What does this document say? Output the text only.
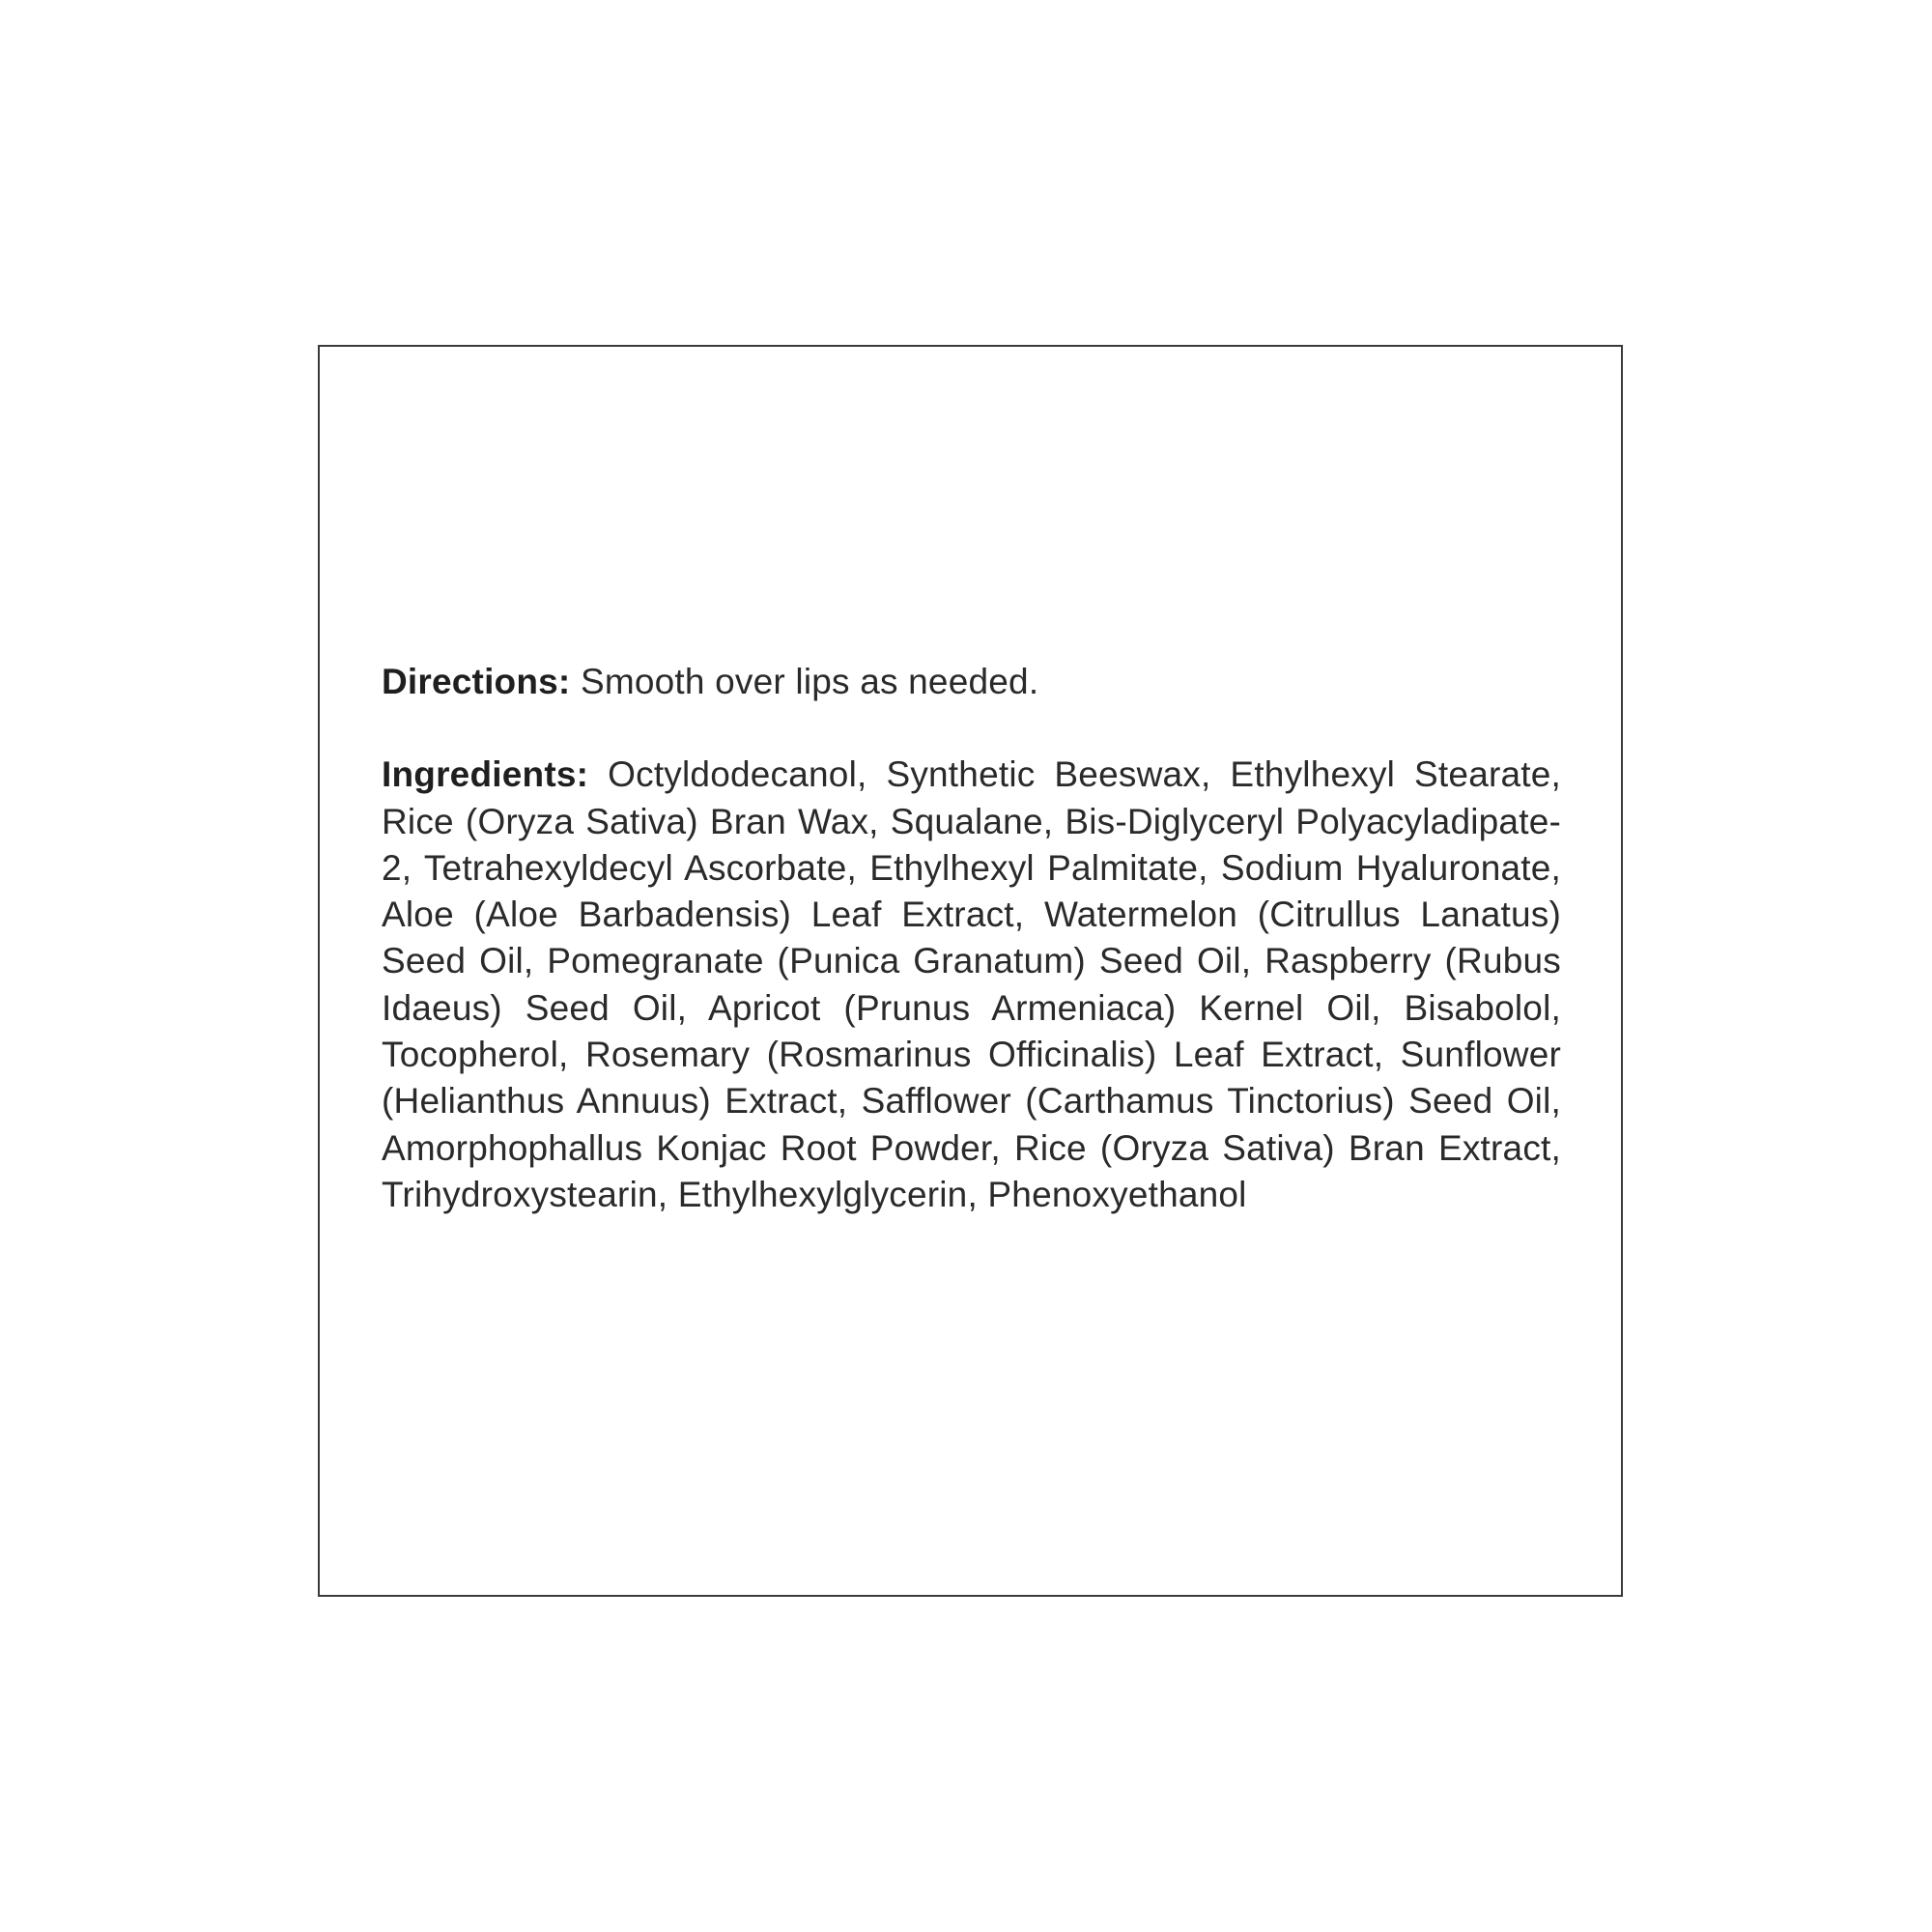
Directions: Smooth over lips as needed.

Ingredients: Octyldodecanol, Synthetic Beeswax, Ethylhexyl Stearate, Rice (Oryza Sativa) Bran Wax, Squalane, Bis-Diglyceryl Polyacyladipate-2, Tetrahexyldecyl Ascorbate, Ethylhexyl Palmitate, Sodium Hyaluronate, Aloe (Aloe Barbadensis) Leaf Extract, Watermelon (Citrullus Lanatus) Seed Oil, Pomegranate (Punica Granatum) Seed Oil, Raspberry (Rubus Idaeus) Seed Oil, Apricot (Prunus Armeniaca) Kernel Oil, Bisabolol, Tocopherol, Rosemary (Rosmarinus Officinalis) Leaf Extract, Sunflower (Helianthus Annuus) Extract, Safflower (Carthamus Tinctorius) Seed Oil, Amorphophallus Konjac Root Powder, Rice (Oryza Sativa) Bran Extract, Trihydroxystearin, Ethylhexylglycerin, Phenoxyethanol
